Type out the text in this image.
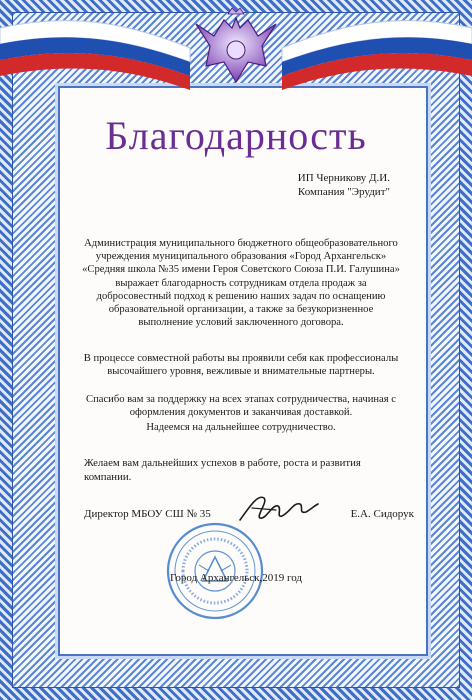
Благодарность
ИП Черникову Д.И.
Компания "Эрудит"
Администрация муниципального бюджетного общеобразовательного учреждения муниципального образования «Город Архангельск» «Средняя школа №35 имени Героя Советского Союза П.И. Галушина» выражает благодарность сотрудникам отдела продаж за добросовестный подход к решению наших задач по оснащению образовательной организации, а также за безукоризненное выполнение условий заключенного договора.
В процессе совместной работы вы проявили себя как профессионалы высочайшего уровня, вежливые и внимательные партнеры.
Спасибо вам за поддержку на всех этапах сотрудничества, начиная с оформления документов и заканчивая доставкой.
Надеемся на дальнейшее сотрудничество.
Желаем вам дальнейших успехов в работе, роста и развития компании.
Директор МБОУ СШ № 35	Е.А. Сидорук
Город Архангельск,2019 год
